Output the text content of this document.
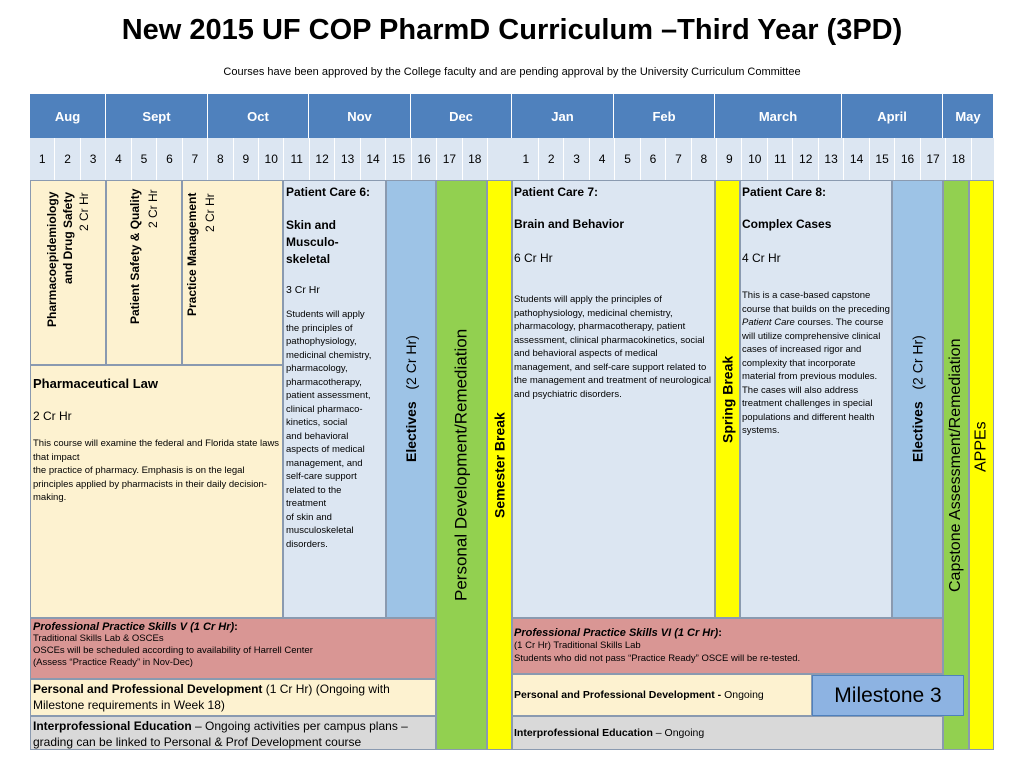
New 2015 UF COP PharmD Curriculum –Third Year (3PD)
Courses have been approved by the College faculty and are pending approval by the University Curriculum Committee
Aug	Sept	Oct	Nov	Dec	Jan	Feb	March	April	May
1	2	3	4	5	6	7	8	9	10	11	12	13	14	15	16	17	18	1	2	3	4	5	6	7	8	9	10	11	12	13	14	15	16	17	18
Pharmacoepidemiology and Drug Safety 2 Cr Hr	Patient Safety & Quality 2 Cr Hr Practice Management 2 Cr Hr
Pharmaceutical Law
2 Cr Hr
This course will examine the federal and Florida state laws that impact
the practice of pharmacy. Emphasis is on the legal principles applied by pharmacists in their daily decision-making.
Patient Care 6:
Skin and
Musculo-
skeletal
3 Cr Hr
Students will apply
the principles of
pathophysiology,
medicinal chemistry,
pharmacology,
pharmacotherapy,
patient assessment,
clinical pharmaco-
kinetics, social
and behavioral
aspects of medical
management, and
self-care support
related to the
treatment
of skin and
musculoskeletal
disorders.
Electives   (2 Cr Hr)	Personal Development/Remediation	Semester Break
Professional Practice Skills V (1 Cr Hr):
Traditional Skills Lab & OSCEs
OSCEs will be scheduled according to availability of Harrell Center
(Assess “Practice Ready” in Nov-Dec)
Personal and Professional Development (1 Cr Hr) (Ongoing with Milestone requirements in Week 18)
Interprofessional Education – Ongoing activities per campus plans – grading can be linked to Personal & Prof Development course
Patient Care 7:
Brain and Behavior
6 Cr Hr
Students will apply the principles of pathophysiology, medicinal chemistry, pharmacology, pharmacotherapy, patient assessment, clinical pharmacokinetics, social and behavioral aspects of medical management, and self-care support related to the management and treatment of neurological and psychiatric disorders.	Spring Break
Patient Care 8:
Complex Cases
4 Cr Hr
This is a case-based capstone course that builds on the preceding Patient Care courses. The course will utilize comprehensive clinical cases of increased rigor and complexity that incorporate material from previous modules. The cases will also address treatment challenges in special populations and different health systems.	Electives   (2 Cr Hr) Capstone Assessment/Remediation APPEs
Professional Practice Skills VI (1 Cr Hr):
(1 Cr Hr) Traditional Skills Lab
Students who did not pass “Practice Ready” OSCE will be re-tested.
Personal and Professional Development - Ongoing	Milestone 3
Interprofessional Education – Ongoing
